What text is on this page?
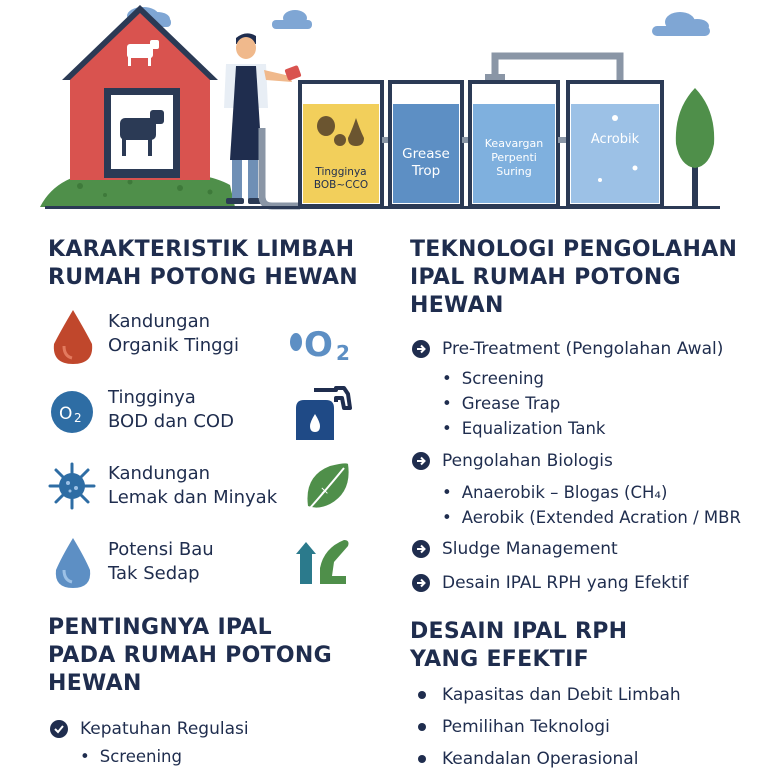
Tingginya
BOB~CCO
Grease
Trop
Keavargan
Perpenti
Suring
Acrobik
KARAKTERISTIK LIMBAH
RUMAH POTONG HEWAN
Kandungan
Organik Tinggi
O 2
Tingginya
BOD dan COD
Kandungan
Lemak dan Minyak
Potensi Bau
Tak Sedap
O 2
×
PENTINGNYA IPAL
PADA RUMAH POTONG
HEWAN
Kepatuhan Regulasi
• Screening
TEKNOLOGI PENGOLAHAN
IPAL RUMAH POTONG
HEWAN
Pre-Treatment (Pengolahan Awal)
• Screening
• Grease Trap
• Equalization Tank
Pengolahan Biologis
• Anaerobik – Blogas (CH₄)
• Aerobik (Extended Acration / MBR
Sludge Management
Desain IPAL RPH yang Efektif
DESAIN IPAL RPH
YANG EFEKTIF
Kapasitas dan Debit Limbah
Pemilihan Teknologi
Keandalan Operasional
